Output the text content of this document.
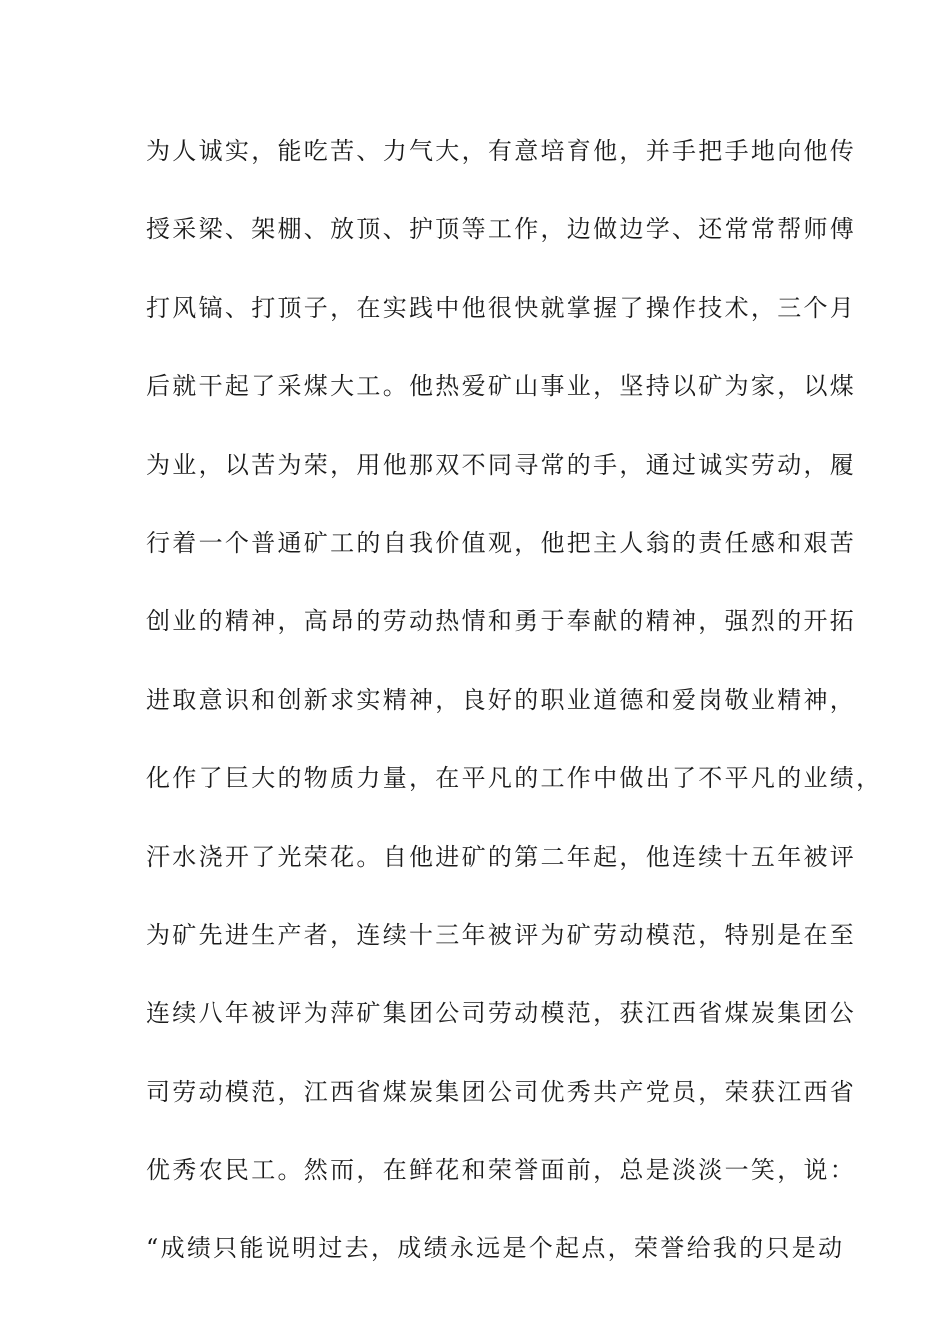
为人诚实，能吃苦、力气大，有意培育他，并手把手地向他传
授采梁、架棚、放顶、护顶等工作，边做边学、还常常帮师傅
打风镐、打顶子，在实践中他很快就掌握了操作技术，三个月
后就干起了采煤大工。他热爱矿山事业，坚持以矿为家，以煤
为业，以苦为荣，用他那双不同寻常的手，通过诚实劳动，履
行着一个普通矿工的自我价值观，他把主人翁的责任感和艰苦
创业的精神，高昂的劳动热情和勇于奉献的精神，强烈的开拓
进取意识和创新求实精神，良好的职业道德和爱岗敬业精神，
化作了巨大的物质力量，在平凡的工作中做出了不平凡的业绩，
汗水浇开了光荣花。自他进矿的第二年起，他连续十五年被评
为矿先进生产者，连续十三年被评为矿劳动模范，特别是在至
连续八年被评为萍矿集团公司劳动模范，获江西省煤炭集团公
司劳动模范，江西省煤炭集团公司优秀共产党员，荣获江西省
优秀农民工。然而，在鲜花和荣誉面前，总是淡淡一笑，说：
“成绩只能说明过去，成绩永远是个起点，荣誉给我的只是动
